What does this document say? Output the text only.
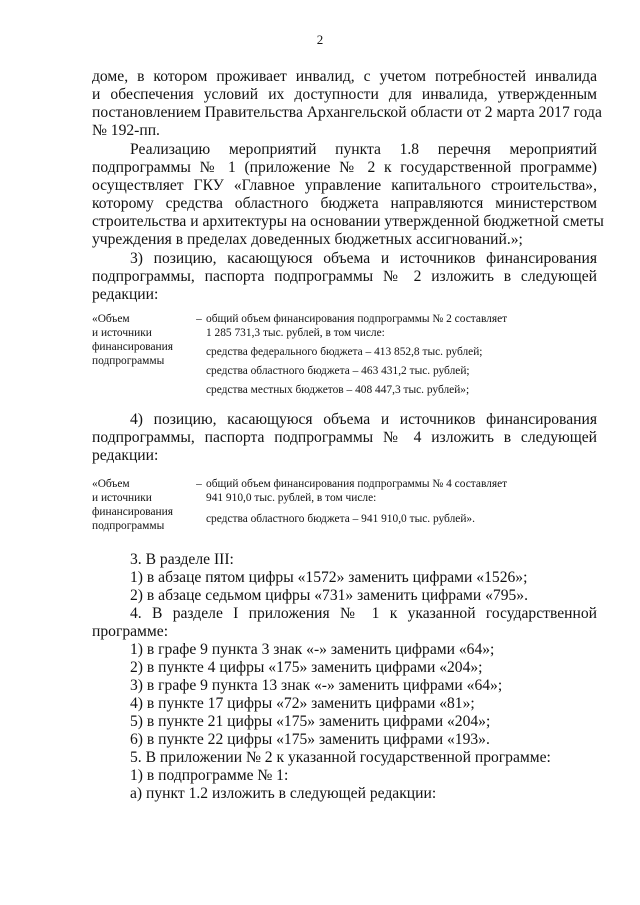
2
доме, в котором проживает инвалид, с учетом потребностей инвалида
и обеспечения условий их доступности для инвалида, утвержденным
постановлением Правительства Архангельской области от 2 марта 2017 года
№ 192-пп.
Реализацию мероприятий пункта 1.8 перечня мероприятий
подпрограммы № 1 (приложение № 2 к государственной программе)
осуществляет ГКУ «Главное управление капитального строительства»,
которому средства областного бюджета направляются министерством
строительства и архитектуры на основании утвержденной бюджетной сметы
учреждения в пределах доведенных бюджетных ассигнований.»;
3) позицию, касающуюся объема и источников финансирования
подпрограммы, паспорта подпрограммы № 2 изложить в следующей
редакции:
«Объем
и источники
финансирования
подпрограммы
– общий объем финансирования подпрограммы № 2 составляет
1 285 731,3 тыс. рублей, в том числе:
средства федерального бюджета – 413 852,8 тыс. рублей;
средства областного бюджета – 463 431,2 тыс. рублей;
средства местных бюджетов – 408 447,3 тыс. рублей»;
4) позицию, касающуюся объема и источников финансирования
подпрограммы, паспорта подпрограммы № 4 изложить в следующей
редакции:
«Объем
и источники
финансирования
подпрограммы
– общий объем финансирования подпрограммы № 4 составляет
941 910,0 тыс. рублей, в том числе:
средства областного бюджета – 941 910,0 тыс. рублей».
3. В разделе III:
1) в абзаце пятом цифры «1572» заменить цифрами «1526»;
2) в абзаце седьмом цифры «731» заменить цифрами «795».
4. В разделе I приложения № 1 к указанной государственной
программе:
1) в графе 9 пункта 3 знак «-» заменить цифрами «64»;
2) в пункте 4 цифры «175» заменить цифрами «204»;
3) в графе 9 пункта 13 знак «-» заменить цифрами «64»;
4) в пункте 17 цифры «72» заменить цифрами «81»;
5) в пункте 21 цифры «175» заменить цифрами «204»;
6) в пункте 22 цифры «175» заменить цифрами «193».
5. В приложении № 2 к указанной государственной программе:
1) в подпрограмме № 1:
а) пункт 1.2 изложить в следующей редакции:
